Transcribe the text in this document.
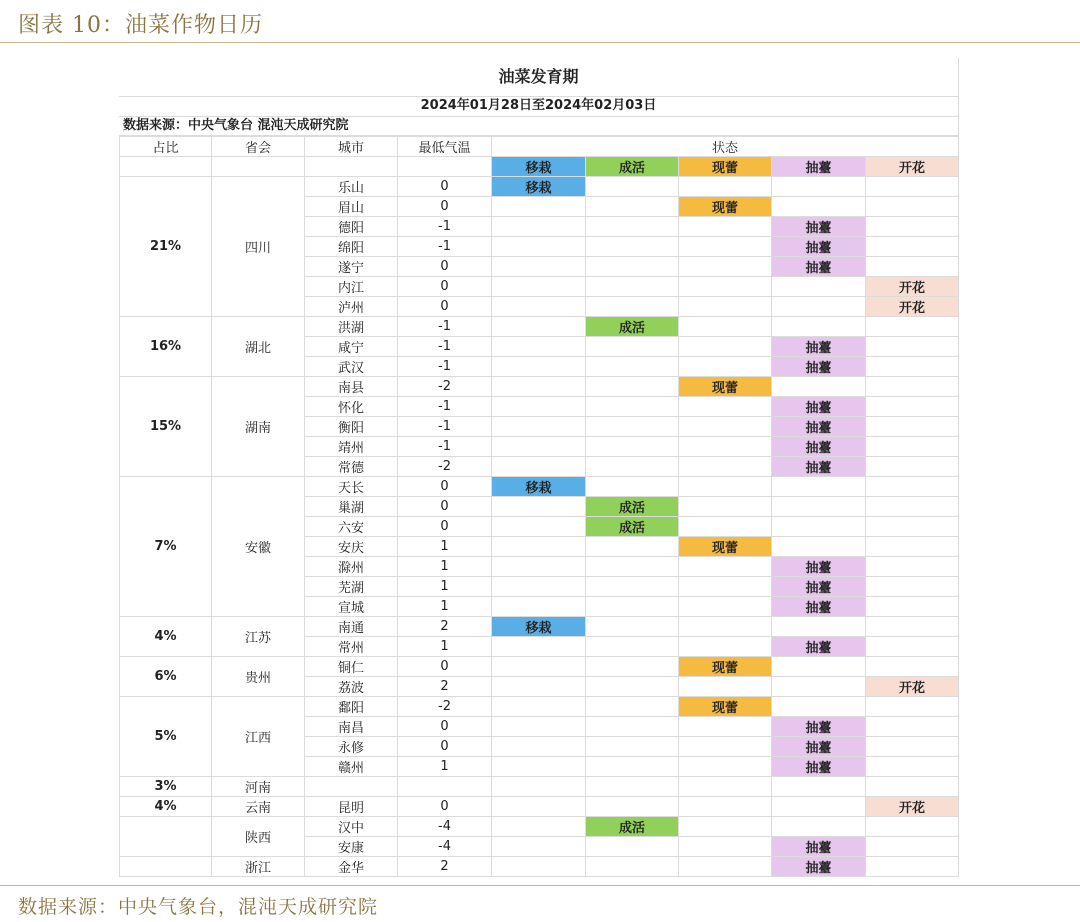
图表 10：油菜作物日历
油菜发育期
2024年01月28日至2024年02月03日
数据来源：中央气象台 混沌天成研究院
占比	省会	城市	最低气温	状态				
				移栽	成活	现蕾	抽薹	开花
21%	四川	乐山	0	移栽				
		眉山	0			现蕾		
		德阳	-1				抽薹	
		绵阳	-1				抽薹	
		遂宁	0				抽薹	
		内江	0					开花
		泸州	0					开花
16%	湖北	洪湖	-1		成活			
		咸宁	-1				抽薹	
		武汉	-1				抽薹	
15%	湖南	南县	-2			现蕾		
		怀化	-1				抽薹	
		衡阳	-1				抽薹	
		靖州	-1				抽薹	
		常德	-2				抽薹	
7%	安徽	天长	0	移栽				
		巢湖	0		成活			
		六安	0		成活			
		安庆	1			现蕾		
		滁州	1				抽薹	
		芜湖	1				抽薹	
		宣城	1				抽薹	
4%	江苏	南通	2	移栽				
		常州	1				抽薹	
6%	贵州	铜仁	0			现蕾		
		荔波	2					开花
5%	江西	鄱阳	-2			现蕾		
		南昌	0				抽薹	
		永修	0				抽薹	
		赣州	1				抽薹	
3%	河南							
4%	云南	昆明	0					开花
	陕西	汉中	-4		成活			
		安康	-4				抽薹	
	浙江	金华	2				抽薹	
数据来源：中央气象台，混沌天成研究院
